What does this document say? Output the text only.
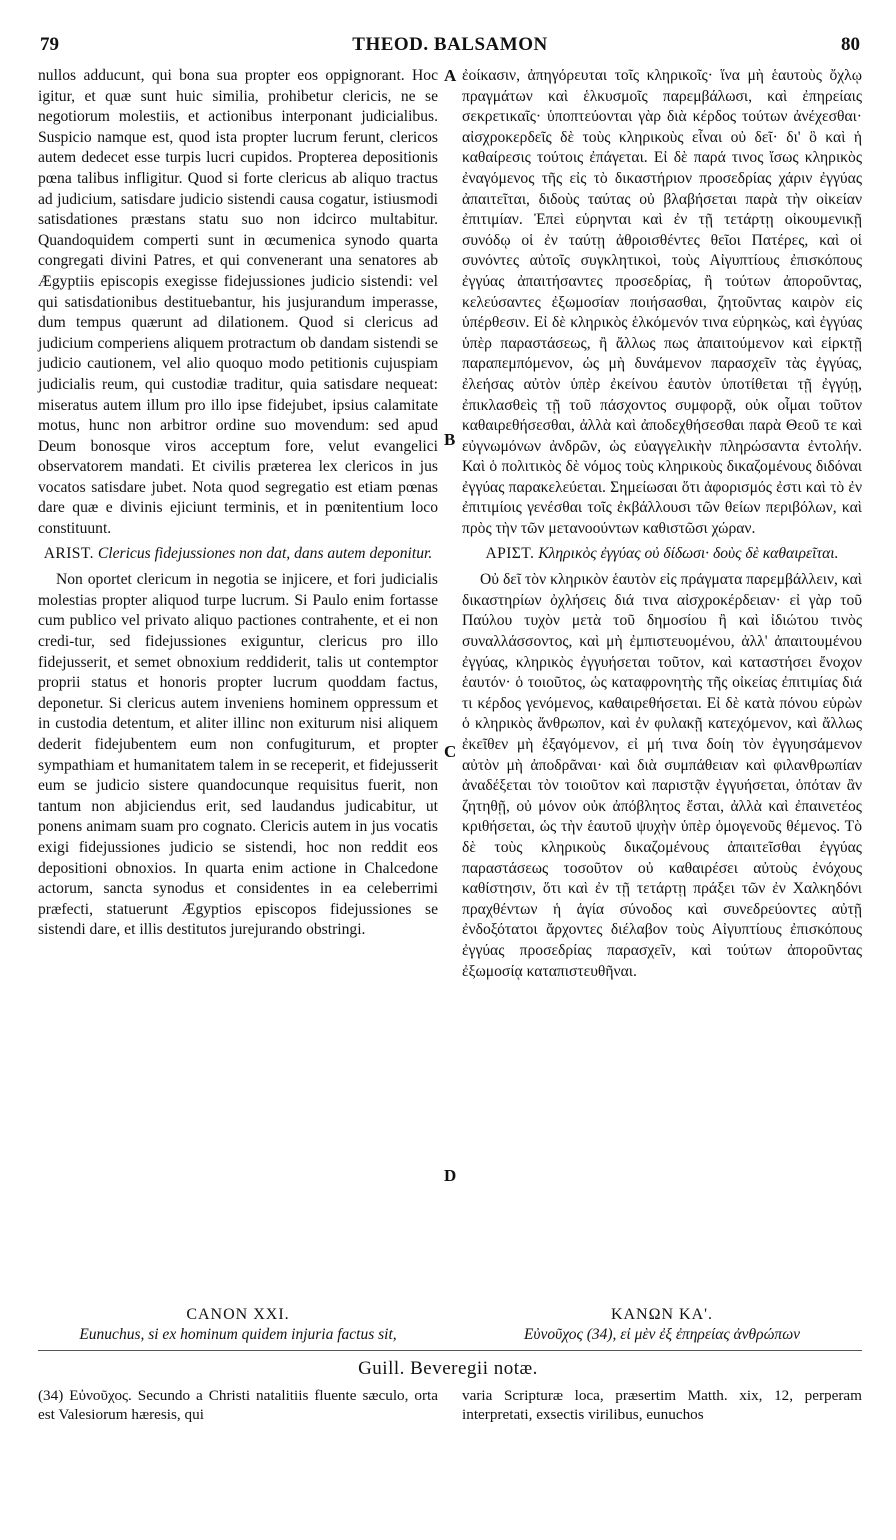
79	THEOD. BALSAMON	80
A
B
C
D

nullos adducunt, qui bona sua propter eos oppignorant. Hoc igitur, et quæ sunt huic similia, prohibetur clericis, ne se negotiorum molestiis, et actionibus interponant judicialibus. Suspicio namque est, quod ista propter lucrum ferunt, clericos autem dedecet esse turpis lucri cupidos. Propterea depositionis pœna talibus infligitur. Quod si forte clericus ab aliquo tractus ad judicium, satisdare judicio sistendi causa cogatur, istiusmodi satisdationes præstans statu suo non idcirco multabitur. Quandoquidem comperti sunt in œcumenica synodo quarta congregati divini Patres, et qui convenerant una senatores ab Ægyptiis episcopis exegisse fidejussiones judicio sistendi: vel qui satisdationibus destituebantur, his jusjurandum imperasse, dum tempus quærunt ad dilationem. Quod si clericus ad judicium comperiens aliquem protractum ob dandam sistendi se judicio cautionem, vel alio quoquo modo petitionis cujuspiam judicialis reum, qui custodiæ traditur, quia satisdare nequeat: miseratus autem illum pro illo ipse fidejubet, ipsius calamitate motus, hunc non arbitror ordine suo movendum: sed apud Deum bonosque viros acceptum fore, velut evangelici observatorem mandati. Et civilis præterea lex clericos in jus vocatos satisdare jubet. Nota quod segregatio est etiam pœnas dare quæ e divinis ejiciunt terminis, et in pœnitentium loco constituunt.

ARIST. Clericus fidejussiones non dat, dans autem deponitur.

Non oportet clericum in negotia se injicere, et fori judicialis molestias propter aliquod turpe lucrum. Si Paulo enim fortasse cum publico vel privato aliquo pactiones contrahente, et ei non credi-tur, sed fidejussiones exiguntur, clericus pro illo fidejusserit, et semet obnoxium reddiderit, talis ut contemptor proprii status et honoris propter lucrum quoddam factus, deponetur. Si clericus autem inveniens hominem oppressum et in custodia detentum, et aliter illinc non exiturum nisi aliquem dederit fidejubentem eum non confugiturum, et propter sympathiam et humanitatem talem in se receperit, et fidejusserit eum se judicio sistere quandocunque requisitus fuerit, non tantum non abjiciendus erit, sed laudandus judicabitur, ut ponens animam suam pro cognato. Clericis autem in jus vocatis exigi fidejussiones judicio se sistendi, hoc non reddit eos depositioni obnoxios. In quarta enim actione in Chalcedone actorum, sancta synodus et considentes in ea celeberrimi præfecti, statuerunt Ægyptios episcopos fidejussiones se sistendi dare, et illis destitutos jurejurando obstringi.

ἐοίκασιν, ἀπηγόρευται τοῖς κληρικοῖς· ἵνα μὴ ἑαυτοὺς ὄχλῳ πραγμάτων καὶ ἑλκυσμοῖς παρεμβάλωσι, καὶ ἐπηρείαις σεκρετικαῖς· ὑποπτεύονται γὰρ διὰ κέρδος τούτων ἀνέχεσθαι· αἰσχροκερδεῖς δὲ τοὺς κληρικοὺς εἶναι οὐ δεῖ· δι' ὃ καὶ ἡ καθαίρεσις τούτοις ἐπάγεται. Εἰ δὲ παρά τινος ἴσως κληρικὸς ἐναγόμενος τῆς εἰς τὸ δικαστήριον προσεδρίας χάριν ἐγγύας ἀπαιτεῖται, διδοὺς ταύτας οὐ βλαβήσεται παρὰ τὴν οἰκείαν ἐπιτιμίαν. Ἐπεὶ εὑρηνται καὶ ἐν τῇ τετάρτῃ οἰκουμενικῇ συνόδῳ οἱ ἐν ταύτῃ ἀθροισθέντες θεῖοι Πατέρες, καὶ οἱ συνόντες αὐτοῖς συγκλητικοὶ, τοὺς Αἰγυπτίους ἐπισκόπους ἐγγύας ἀπαιτήσαντες προσεδρίας, ἢ τούτων ἀποροῦντας, κελεύσαντες ἐξωμοσίαν ποιήσασθαι, ζητοῦντας καιρὸν εἰς ὑπέρθεσιν. Εἰ δὲ κληρικὸς ἑλκόμενόν τινα εὑρηκὼς, καὶ ἐγγύας ὑπὲρ παραστάσεως, ἢ ἄλλως πως ἀπαιτούμενον καὶ εἱρκτῇ παραπεμπόμενον, ὡς μὴ δυνάμενον παρασχεῖν τὰς ἐγγύας, ἐλεήσας αὐτὸν ὑπὲρ ἐκείνου ἑαυτὸν ὑποτίθεται τῇ ἐγγύῃ, ἐπικλασθεὶς τῇ τοῦ πάσχοντος συμφορᾷ, οὐκ οἶμαι τοῦτον καθαιρεθήσεσθαι, ἀλλὰ καὶ ἀποδεχθήσεσθαι παρὰ Θεοῦ τε καὶ εὐγνωμόνων ἀνδρῶν, ὡς εὐαγγελικὴν πληρώσαντα ἐντολήν. Καὶ ὁ πολιτικὸς δὲ νόμος τοὺς κληρικοὺς δικαζομένους διδόναι ἐγγύας παρακελεύεται. Σημείωσαι ὅτι ἀφορισμός ἐστι καὶ τὸ ἐν ἐπιτιμίοις γενέσθαι τοῖς ἐκβάλλουσι τῶν θείων περιβόλων, καὶ πρὸς τὴν τῶν μετανοούντων καθιστῶσι χώραν.

ΑΡΙΣΤ. Κληρικὸς ἐγγύας οὐ δίδωσι· δοὺς δὲ καθαιρεῖται.

Οὐ δεῖ τὸν κληρικὸν ἑαυτὸν εἰς πράγματα παρεμβάλλειν, καὶ δικαστηρίων ὀχλήσεις διά τινα αἰσχροκέρδειαν· εἰ γὰρ τοῦ Παύλου τυχὸν μετὰ τοῦ δημοσίου ἢ καὶ ἰδιώτου τινὸς συναλλάσσοντος, καὶ μὴ ἐμπιστευομένου, ἀλλ' ἀπαιτουμένου ἐγγύας, κληρικὸς ἐγγυήσεται τοῦτον, καὶ καταστήσει ἔνοχον ἑαυτόν· ὁ τοιοῦτος, ὡς καταφρονητὴς τῆς οἰκείας ἐπιτιμίας διά τι κέρδος γενόμενος, καθαιρεθήσεται. Εἰ δὲ κατὰ πόνου εὑρὼν ὁ κληρικὸς ἄνθρωπον, καὶ ἐν φυλακῇ κατεχόμενον, καὶ ἄλλως ἐκεῖθεν μὴ ἐξαγόμενον, εἰ μή τινα δοίη τὸν ἐγγυησάμενον αὐτὸν μὴ ἀποδρᾶναι· καὶ διὰ συμπάθειαν καὶ φιλανθρωπίαν ἀναδέξεται τὸν τοιοῦτον καὶ παριστᾷν ἐγγυήσεται, ὁπόταν ἂν ζητηθῇ, οὐ μόνον οὐκ ἀπόβλητος ἔσται, ἀλλὰ καὶ ἐπαινετέος κριθήσεται, ὡς τὴν ἑαυτοῦ ψυχὴν ὑπὲρ ὁμογενοῦς θέμενος. Τὸ δὲ τοὺς κληρικοὺς δικαζομένους ἀπαιτεῖσθαι ἐγγύας παραστάσεως τοσοῦτον οὐ καθαιρέσει αὐτοὺς ἐνόχους καθίστησιν, ὅτι καὶ ἐν τῇ τετάρτῃ πράξει τῶν ἐν Χαλκηδόνι πραχθέντων ἡ ἁγία σύνοδος καὶ συνεδρεύοντες αὐτῇ ἐνδοξότατοι ἄρχοντες διέλαβον τοὺς Αἰγυπτίους ἐπισκόπους ἐγγύας προσεδρίας παρασχεῖν, καὶ τούτων ἀποροῦντας ἐξωμοσίᾳ καταπιστευθῆναι.

CANON XXI.
Eunuchus, si ex hominum quidem injuria factus sit,
ΚΑΝΩΝ ΚΑ'.
Εὐνοῦχος (34), εἰ μὲν ἐξ ἐπηρείας ἀνθρώπων
Guill. Beveregii notæ.
(34) Εὐνοῦχος. Secundo a Christi natalitiis fluente sæculo, orta est Valesiorum hæresis, qui
varia Scripturæ loca, præsertim Matth. xix, 12, perperam interpretati, exsectis virilibus, eunuchos
